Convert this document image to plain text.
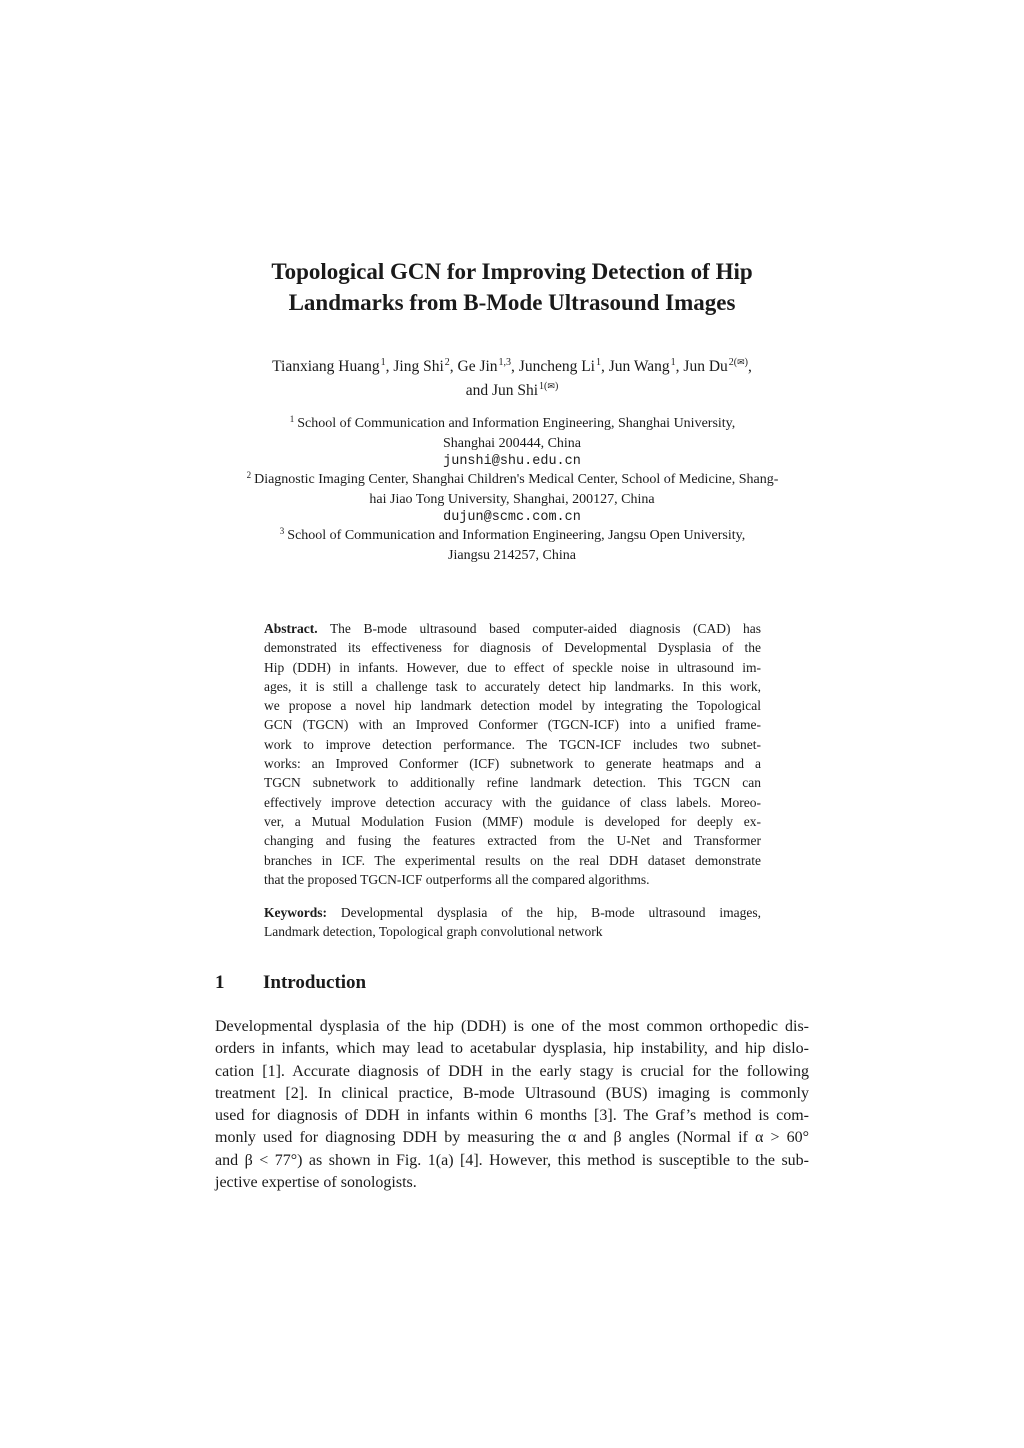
Topological GCN for Improving Detection of Hip
Landmarks from B-Mode Ultrasound Images
Tianxiang Huang$^1$, Jing Shi$^2$, Ge Jin$^{1,3}$, Juncheng Li$^1$, Jun Wang$^1$, Jun $Du^{2(✉)}$,
and Jun Shi$^{1(✉)}$
$^1$ School of Communication and Information Engineering, Shanghai University,
Shanghai 200444, China
junshi@shu.edu.cn
$^2$ Diagnostic Imaging Center, Shanghai Children's Medical Center, School of Medicine, Shang-
hai Jiao Tong University, Shanghai, 200127, China
dujun@scmc.com.cn
$^3$ School of Communication and Information Engineering, Jangsu Open University,
Jiangsu 214257, China
Abstract. The B-mode ultrasound based computer-aided diagnosis (CAD) has
demonstrated its effectiveness for diagnosis of Developmental Dysplasia of the
Hip (DDH) in infants. However, due to effect of speckle noise in ultrasound im-
ages, it is still a challenge task to accurately detect hip landmarks. In this work,
we propose a novel hip landmark detection model by integrating the Topological
GCN (TGCN) with an Improved Conformer (TGCN-ICF) into a unified frame-
work to improve detection performance. The TGCN-ICF includes two subnet-
works: an Improved Conformer (ICF) subnetwork to generate heatmaps and a
TGCN subnetwork to additionally refine landmark detection. This TGCN can
effectively improve detection accuracy with the guidance of class labels. Moreo-
ver, a Mutual Modulation Fusion (MMF) module is developed for deeply ex-
changing and fusing the features extracted from the U-Net and Transformer
branches in ICF. The experimental results on the real DDH dataset demonstrate
that the proposed TGCN-ICF outperforms all the compared algorithms.
Keywords: Developmental dysplasia of the hip, B-mode ultrasound images,
Landmark detection, Topological graph convolutional network
1 Introduction
Developmental dysplasia of the hip (DDH) is one of the most common orthopedic dis-
orders in infants, which may lead to acetabular dysplasia, hip instability, and hip dislo-
cation [1]. Accurate diagnosis of DDH in the early stagy is crucial for the following
treatment [2]. In clinical practice, B-mode Ultrasound (BUS) imaging is commonly
used for diagnosis of DDH in infants within 6 months [3]. The Graf’s method is com-
monly used for diagnosing DDH by measuring the α and β angles (Normal if α > 60°
and β < 77°) as shown in Fig. 1(a) [4]. However, this method is susceptible to the sub-
jective expertise of sonologists.
